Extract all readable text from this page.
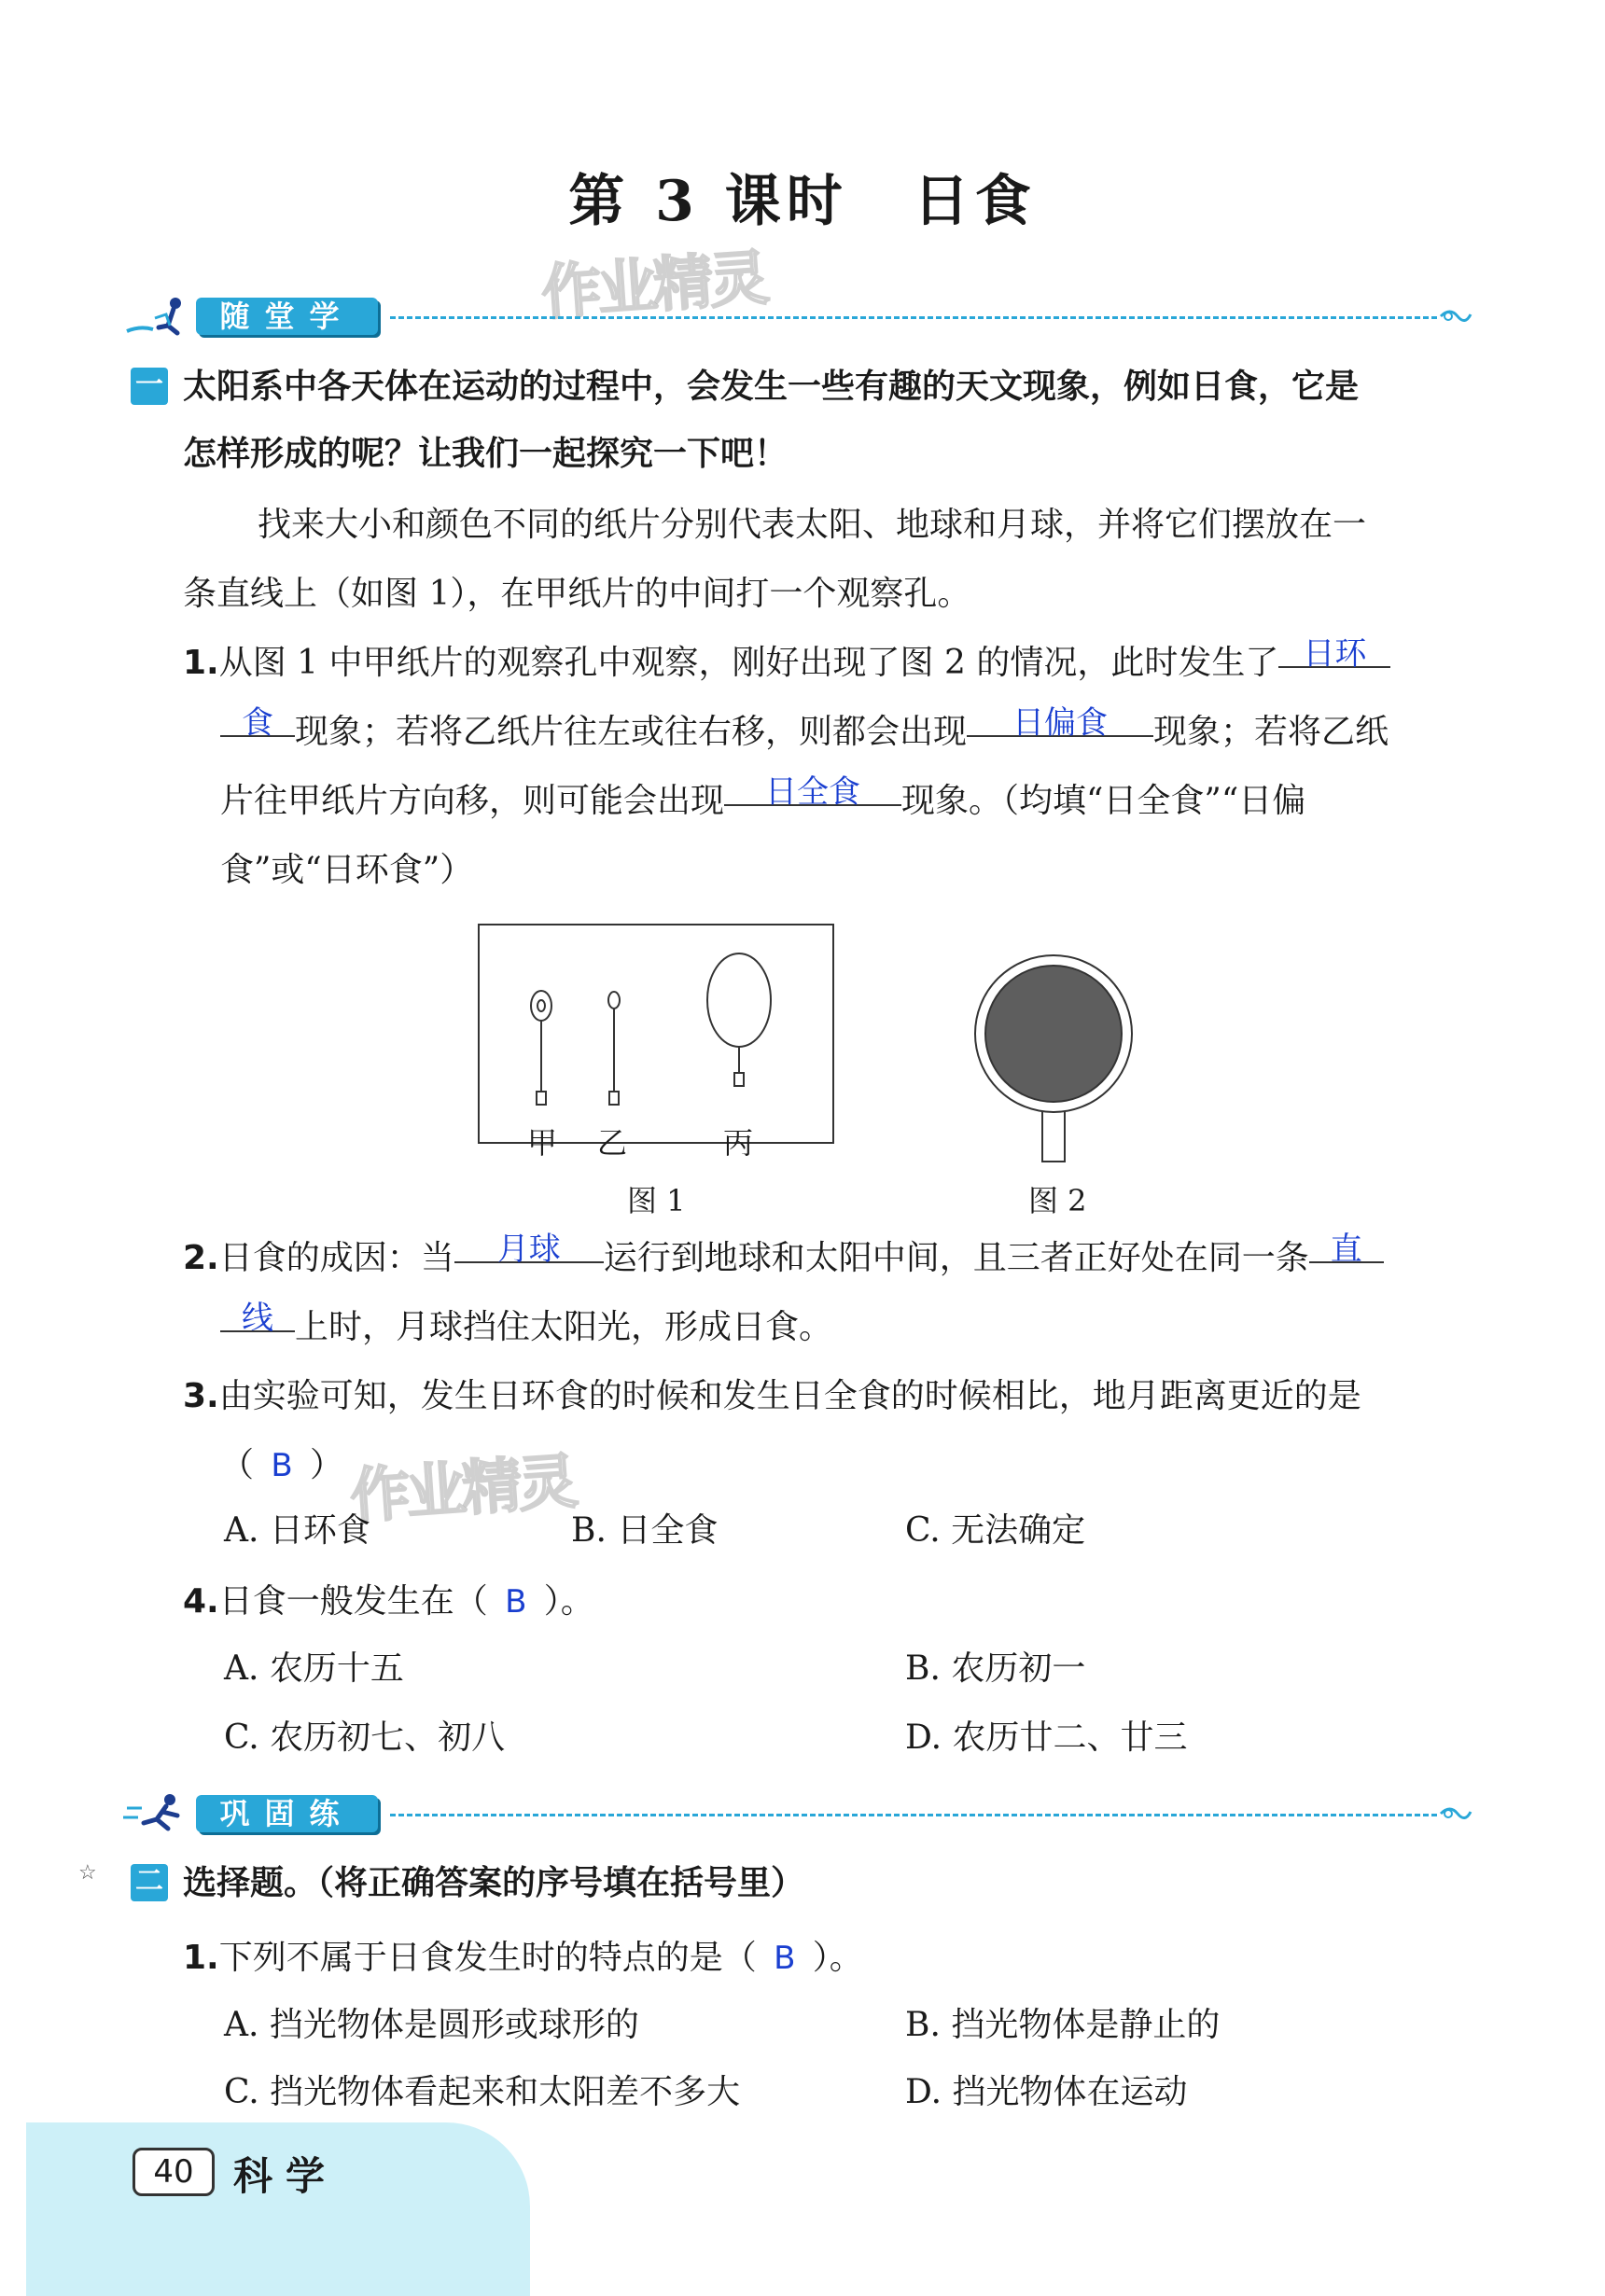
第 3 课时 日食
作业精灵
作业精灵
随堂学
一 太阳系中各天体在运动的过程中，会发生一些有趣的天文现象，例如日食，它是
怎样形成的呢？让我们一起探究一下吧！
找来大小和颜色不同的纸片分别代表太阳、地球和月球，并将它们摆放在一
条直线上（如图 1），在甲纸片的中间打一个观察孔。
1.从图 1 中甲纸片的观察孔中观察，刚好出现了图 2 的情况，此时发生了 日环
食 现象；若将乙纸片往左或往右移，则都会出现 日偏食 现象；若将乙纸
片往甲纸片方向移，则可能会出现 日全食 现象。（均填“日全食”“日偏
食”或“日环食”）
甲 乙	丙
图 1	图 2
2.日食的成因：当 月球 运行到地球和太阳中间，且三者正好处在同一条 直
线 上时，月球挡住太阳光，形成日食。
3.由实验可知，发生日环食的时候和发生日全食的时候相比，地月距离更近的是
（ B ）
A. 日环食	B. 日全食	C. 无法确定
4.日食一般发生在（ B ）。
A. 农历十五	B. 农历初一
C. 农历初七、初八	D. 农历廿二、廿三
巩固练
☆ 二 选择题。（将正确答案的序号填在括号里）
1.下列不属于日食发生时的特点的是（ B ）。
A. 挡光物体是圆形或球形的	B. 挡光物体是静止的
C. 挡光物体看起来和太阳差不多大	D. 挡光物体在运动
40	科学
